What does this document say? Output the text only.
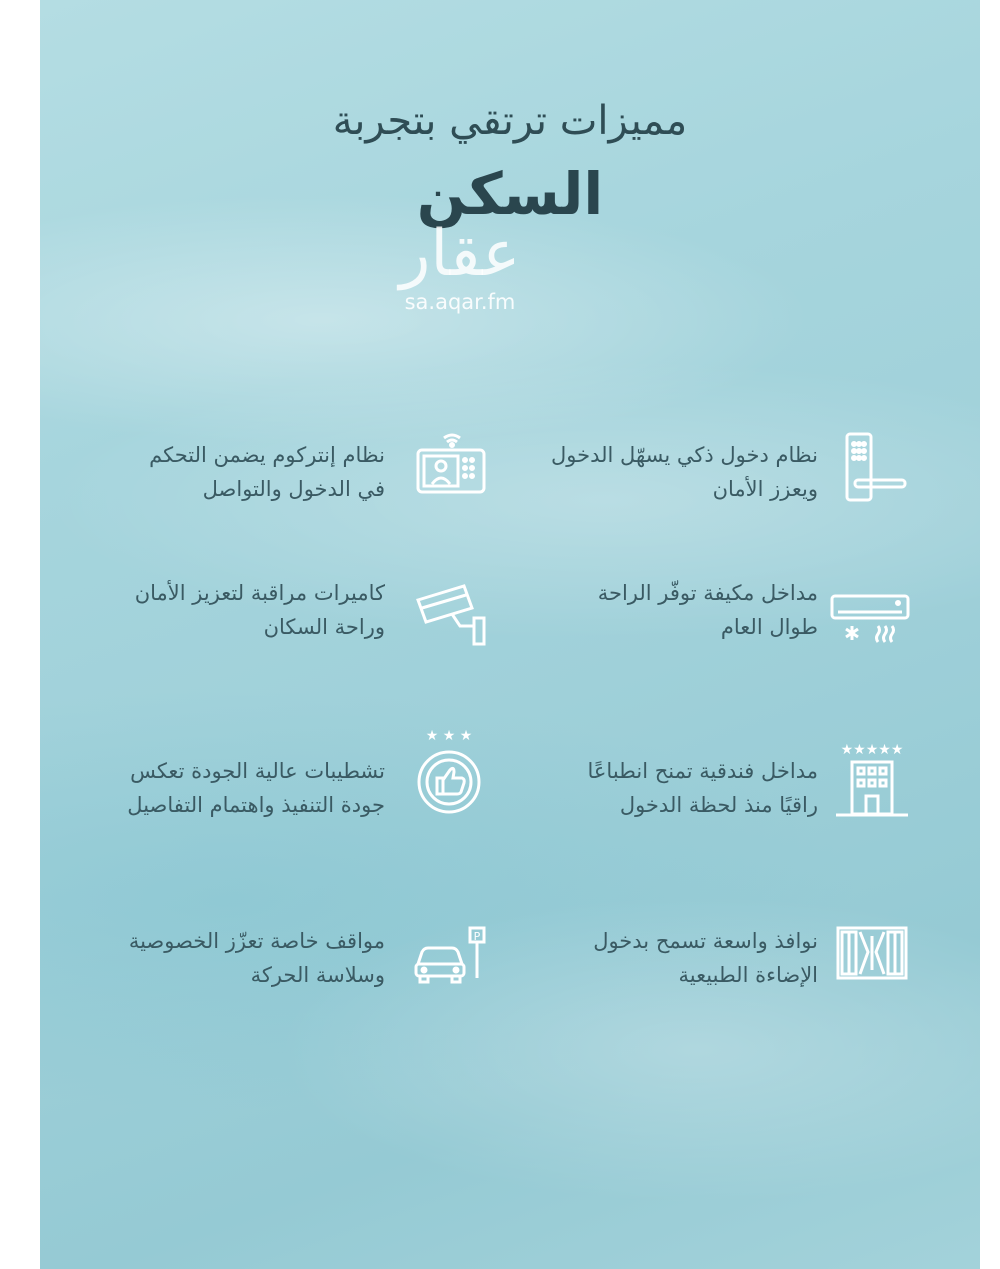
مميزات ترتقي بتجربة
السكن
عقار
sa.aqar.fm
نظام دخول ذكي يسهّل الدخول
ويعزز الأمان
نظام إنتركوم يضمن التحكم
في الدخول والتواصل
مداخل مكيفة توفّر الراحة
طوال العام
كاميرات مراقبة لتعزيز الأمان
وراحة السكان
★★★★★
مداخل فندقية تمنح انطباعًا
راقيًا منذ لحظة الدخول
★ ★ ★
تشطيبات عالية الجودة تعكس
جودة التنفيذ واهتمام التفاصيل
نوافذ واسعة تسمح بدخول
الإضاءة الطبيعية
P
مواقف خاصة تعزّز الخصوصية
وسلاسة الحركة
